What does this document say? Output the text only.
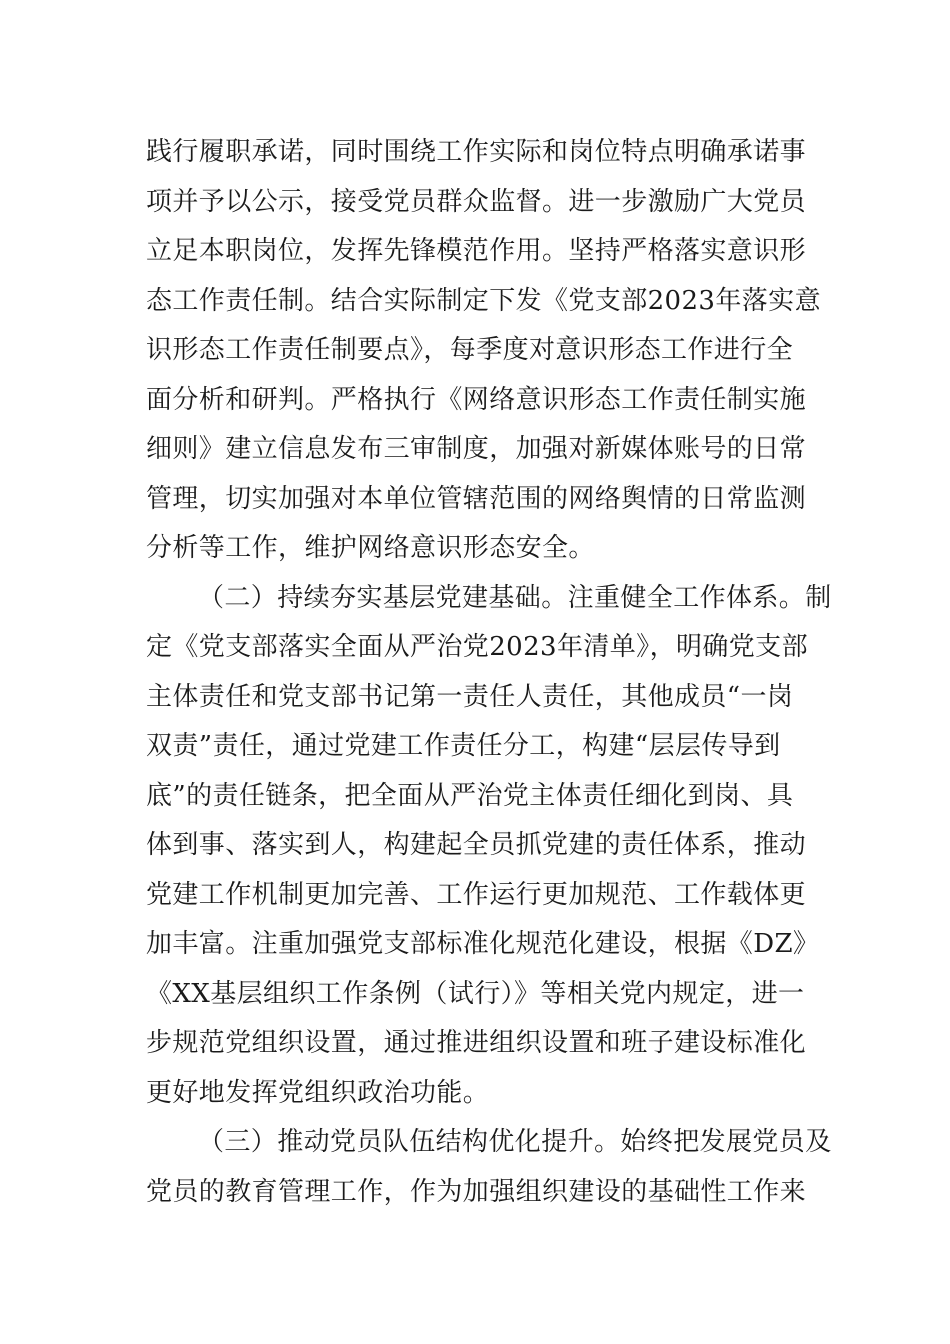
践行履职承诺，同时围绕工作实际和岗位特点明确承诺事
项并予以公示，接受党员群众监督。进一步激励广大党员
立足本职岗位，发挥先锋模范作用。坚持严格落实意识形
态工作责任制。结合实际制定下发《党支部2023年落实意
识形态工作责任制要点》，每季度对意识形态工作进行全
面分析和研判。严格执行《网络意识形态工作责任制实施
细则》建立信息发布三审制度，加强对新媒体账号的日常
管理，切实加强对本单位管辖范围的网络舆情的日常监测
分析等工作，维护网络意识形态安全。
（二）持续夯实基层党建基础。注重健全工作体系。制
定《党支部落实全面从严治党2023年清单》，明确党支部
主体责任和党支部书记第一责任人责任，其他成员“一岗
双责”责任，通过党建工作责任分工，构建“层层传导到
底”的责任链条，把全面从严治党主体责任细化到岗、具
体到事、落实到人，构建起全员抓党建的责任体系，推动
党建工作机制更加完善、工作运行更加规范、工作载体更
加丰富。注重加强党支部标准化规范化建设，根据《DZ》
《XX基层组织工作条例（试行）》等相关党内规定，进一
步规范党组织设置，通过推进组织设置和班子建设标准化
更好地发挥党组织政治功能。
（三）推动党员队伍结构优化提升。始终把发展党员及
党员的教育管理工作，作为加强组织建设的基础性工作来
